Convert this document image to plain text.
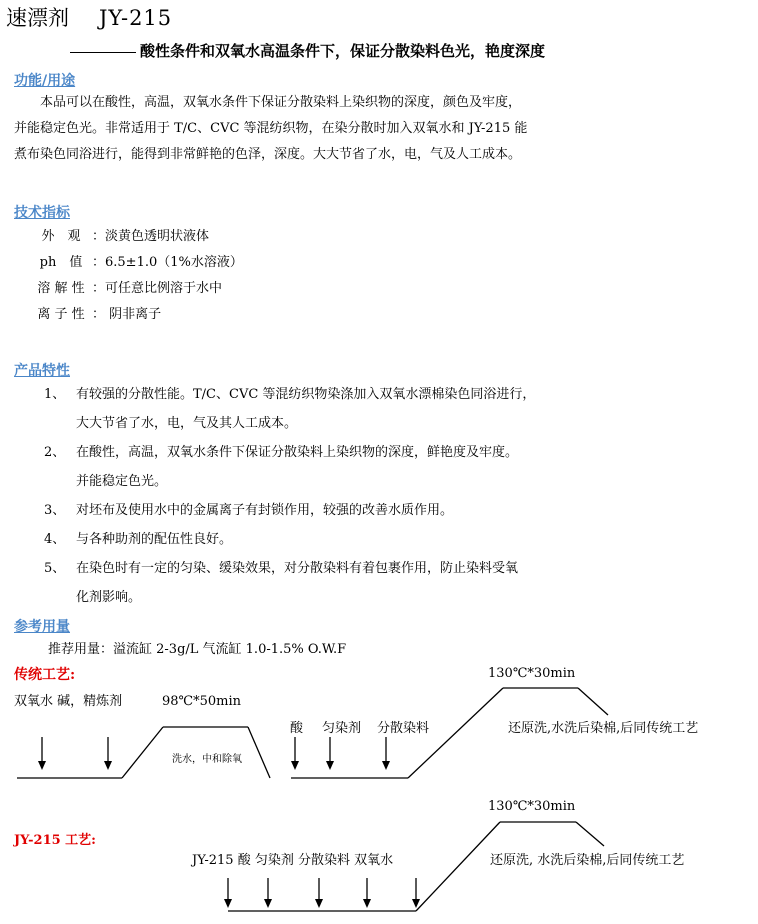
速漂剂 JY-215
酸性条件和双氧水高温条件下，保证分散染料色光，艳度深度
功能/用途
本品可以在酸性，高温，双氧水条件下保证分散染料上染织物的深度，颜色及牢度，
并能稳定色光。非常适用于 T/C、CVC 等混纺织物，在染分散时加入双氧水和 JY-215 能
煮布染色同浴进行，能得到非常鲜艳的色泽，深度。大大节省了水，电，气及人工成本。
技术指标
外　观 ：淡黄色透明状液体
ph　值 ：6.5±1.0（1%水溶液）
溶 解 性 ：可任意比例溶于水中
离 子 性 ： 阴非离子
产品特性
1、 有较强的分散性能。T/C、CVC 等混纺织物染涤加入双氧水漂棉染色同浴进行，
大大节省了水，电，气及其人工成本。
2、 在酸性，高温，双氧水条件下保证分散染料上染织物的深度，鲜艳度及牢度。
并能稳定色光。
3、 对坯布及使用水中的金属离子有封锁作用，较强的改善水质作用。
4、 与各种助剂的配伍性良好。
5、 在染色时有一定的匀染、缓染效果，对分散染料有着包裹作用，防止染料受氧
化剂影响。
参考用量
推荐用量：溢流缸 2-3g/L 气流缸 1.0-1.5% O.W.F
传统工艺:	130℃*30min
双氧水 碱，精炼剂	98℃*50min
洗水，中和除氧
酸 匀染剂 分散染料	还原洗,水洗后染棉,后同传统工艺
130℃*30min
JY-215 工艺:
JY-215 酸 匀染剂 分散染料 双氧水	还原洗, 水洗后染棉,后同传统工艺
